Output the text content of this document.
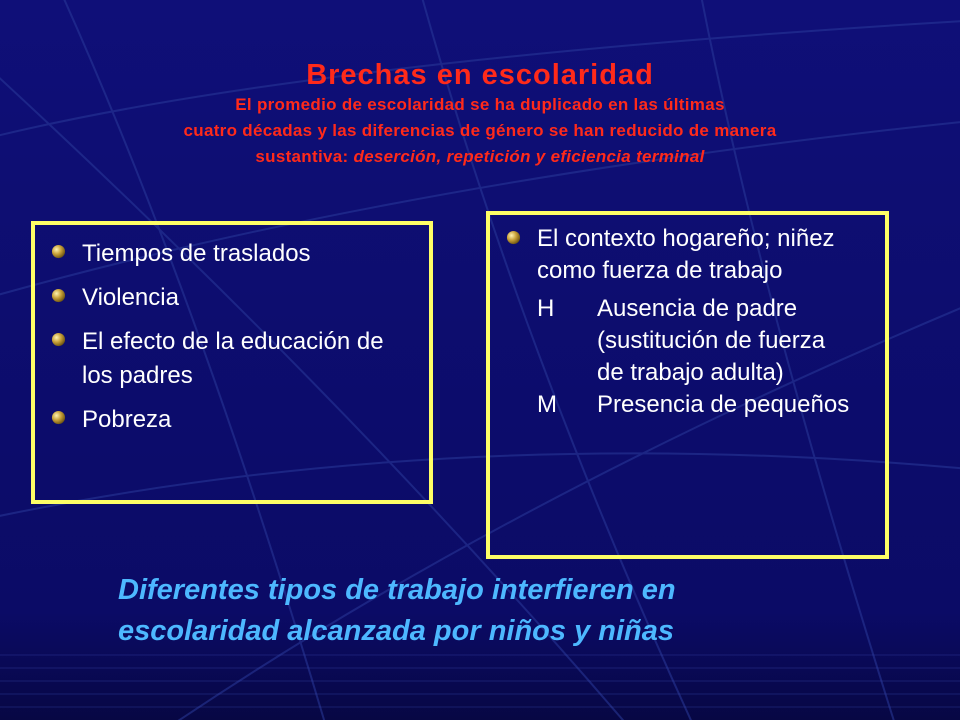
Brechas en escolaridad
El promedio de escolaridad se ha duplicado en las últimas
cuatro décadas y las diferencias de género se han reducido de manera
sustantiva: deserción, repetición y eficiencia terminal
Tiempos de traslados
Violencia
El efecto de la educación de los padres
Pobreza
El contexto hogareño; niñez como fuerza de trabajo
H Ausencia de padre (sustitución de fuerza de trabajo adulta)
M Presencia de pequeños
Diferentes tipos de trabajo interfieren en
escolaridad alcanzada por niños y niñas
